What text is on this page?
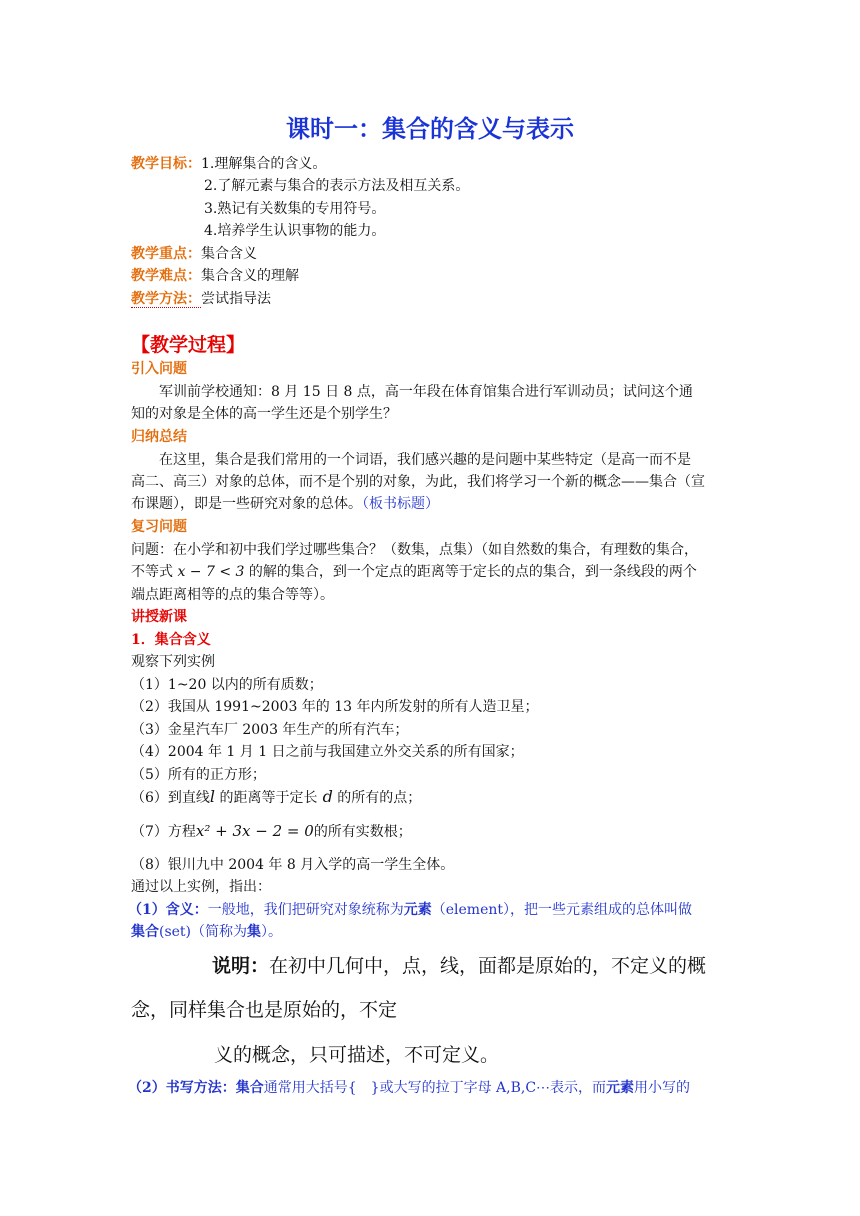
课时一：集合的含义与表示
教学目标：1.理解集合的含义。
2.了解元素与集合的表示方法及相互关系。
3.熟记有关数集的专用符号。
4.培养学生认识事物的能力。
教学重点：集合含义
教学难点：集合含义的理解
教学方法：尝试指导法
【教学过程】
引入问题
军训前学校通知：8 月 15 日 8 点，高一年段在体育馆集合进行军训动员；试问这个通
知的对象是全体的高一学生还是个别学生？
归纳总结
在这里，集合是我们常用的一个词语，我们感兴趣的是问题中某些特定（是高一而不是
高二、高三）对象的总体，而不是个别的对象，为此，我们将学习一个新的概念——集合（宣
布课题），即是一些研究对象的总体。（板书标题）
复习问题
问题：在小学和初中我们学过哪些集合？（数集，点集）（如自然数的集合，有理数的集合，
不等式 x − 7 < 3 的解的集合，到一个定点的距离等于定长的点的集合，到一条线段的两个
端点距离相等的点的集合等等）。
讲授新课
1．集合含义
观察下列实例
（1）1~20 以内的所有质数；
（2）我国从 1991~2003 年的 13 年内所发射的所有人造卫星；
（3）金星汽车厂 2003 年生产的所有汽车；
（4）2004 年 1 月 1 日之前与我国建立外交关系的所有国家；
（5）所有的正方形；
（6）到直线l 的距离等于定长 d 的所有的点；
（7）方程x² + 3x − 2 = 0的所有实数根；
（8）银川九中 2004 年 8 月入学的高一学生全体。
通过以上实例，指出：
（1）含义：一般地，我们把研究对象统称为元素（element），把一些元素组成的总体叫做
集合(set)（简称为集）。
说明：在初中几何中，点，线，面都是原始的，不定义的概
念，同样集合也是原始的，不定
义的概念，只可描述，不可定义。
（2）书写方法：集合通常用大括号{　}或大写的拉丁字母 A,B,C⋯表示，而元素用小写的
